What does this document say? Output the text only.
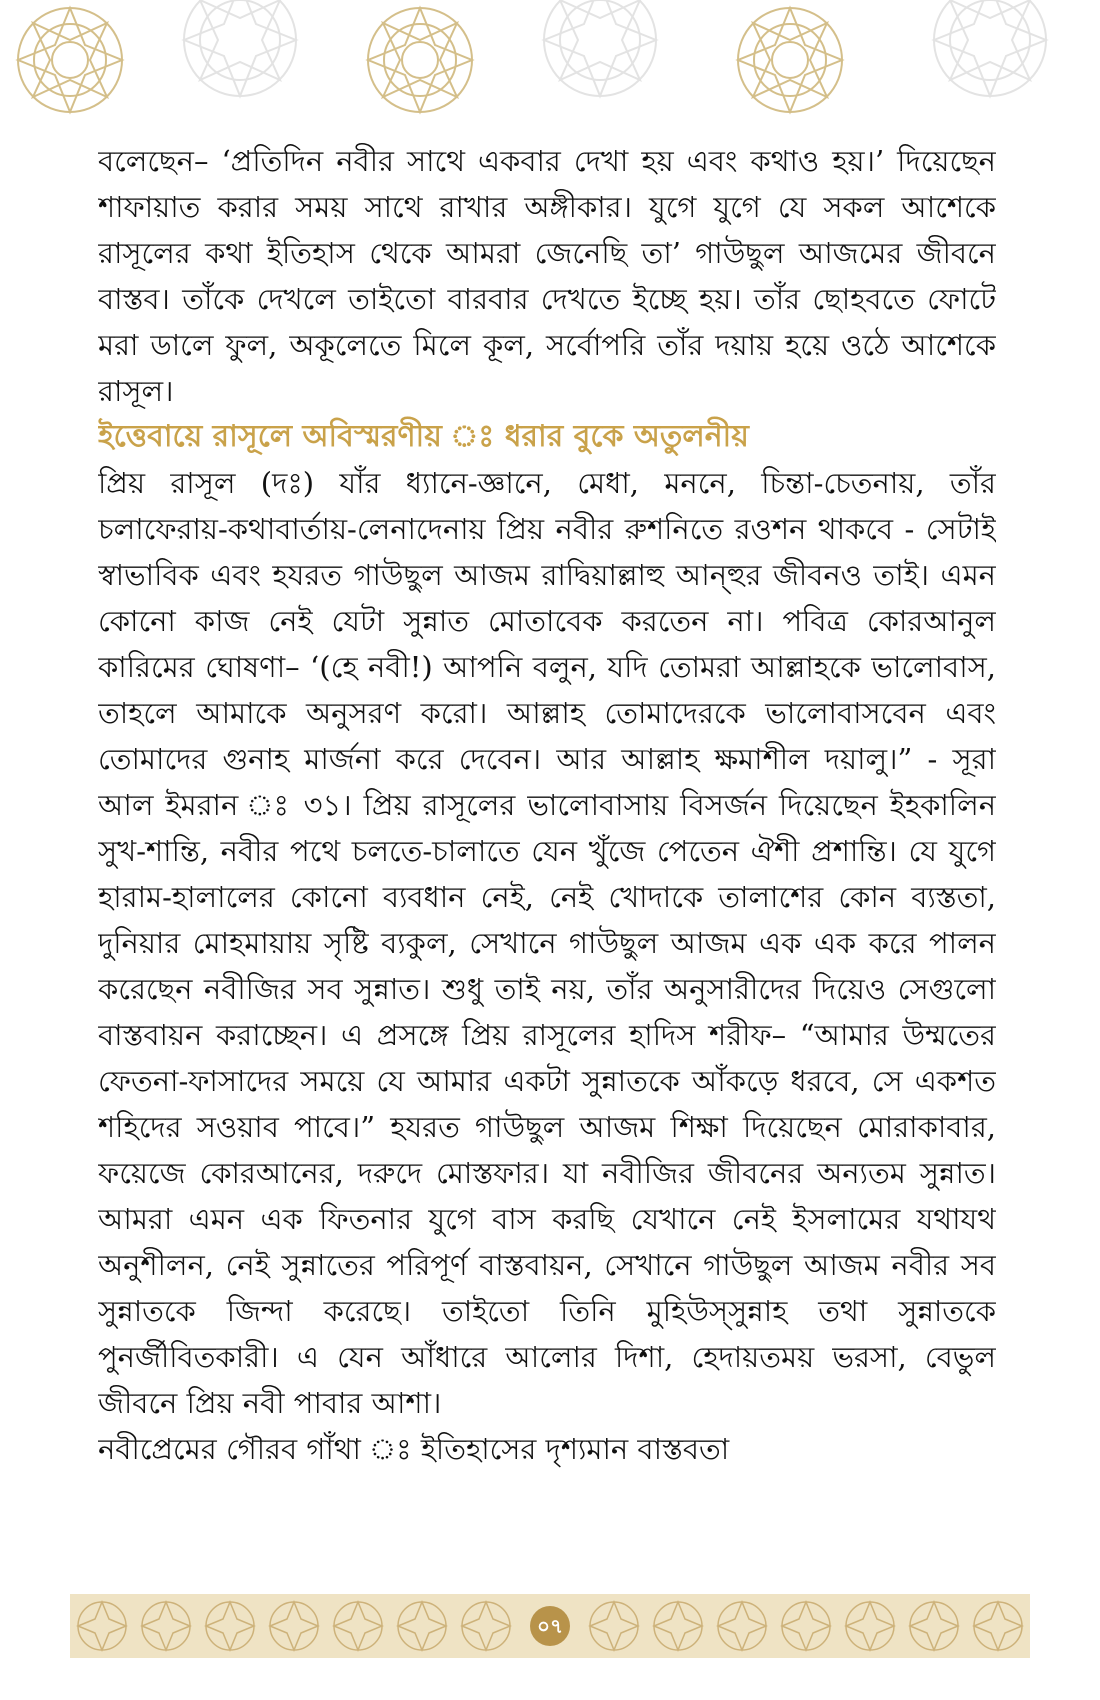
বলেছেন– ‘প্রতিদিন নবীর সাথে একবার দেখা হয় এবং কথাও হয়।’ দিয়েছেন শাফায়াত করার সময় সাথে রাখার অঙ্গীকার। যুগে যুগে যে সকল আশেকে রাসূলের কথা ইতিহাস থেকে আমরা জেনেছি তা’ গাউছুল আজমের জীবনে বাস্তব। তাঁকে দেখলে তাইতো বারবার দেখতে ইচ্ছে হয়। তাঁর ছোহবতে ফোটে মরা ডালে ফুল, অকূলেতে মিলে কূল, সর্বোপরি তাঁর দয়ায় হয়ে ওঠে আশেকে রাসূল।

ইত্তেবায়ে রাসূলে অবিস্মরণীয় ঃ ধরার বুকে অতুলনীয়

প্রিয় রাসূল (দঃ) যাঁর ধ্যানে-জ্ঞানে, মেধা, মননে, চিন্তা-চেতনায়, তাঁর চলাফেরায়-কথাবার্তায়-লেনাদেনায় প্রিয় নবীর রুশনিতে রওশন থাকবে - সেটাই স্বাভাবিক এবং হযরত গাউছুল আজম রাদ্বিয়াল্লাহু আন্হুর জীবনও তাই। এমন কোনো কাজ নেই যেটা সুন্নাত মোতাবেক করতেন না। পবিত্র কোরআনুল কারিমের ঘোষণা– ‘(হে নবী!) আপনি বলুন, যদি তোমরা আল্লাহকে ভালোবাস, তাহলে আমাকে অনুসরণ করো। আল্লাহ তোমাদেরকে ভালোবাসবেন এবং তোমাদের গুনাহ মার্জনা করে দেবেন। আর আল্লাহ ক্ষমাশীল দয়ালু।” - সূরা আল ইমরান ঃ ৩১। প্রিয় রাসূলের ভালোবাসায় বিসর্জন দিয়েছেন ইহকালিন সুখ-শান্তি, নবীর পথে চলতে-চালাতে যেন খুঁজে পেতেন ঐশী প্রশান্তি। যে যুগে হারাম-হালালের কোনো ব্যবধান নেই, নেই খোদাকে তালাশের কোন ব্যস্ততা, দুনিয়ার মোহমায়ায় সৃষ্টি ব্যকুল, সেখানে গাউছুল আজম এক এক করে পালন করেছেন নবীজির সব সুন্নাত। শুধু তাই নয়, তাঁর অনুসারীদের দিয়েও সেগুলো বাস্তবায়ন করাচ্ছেন। এ প্রসঙ্গে প্রিয় রাসূলের হাদিস শরীফ– “আমার উম্মতের ফেতনা-ফাসাদের সময়ে যে আমার একটা সুন্নাতকে আঁকড়ে ধরবে, সে একশত শহিদের সওয়াব পাবে।” হযরত গাউছুল আজম শিক্ষা দিয়েছেন মোরাকাবার, ফয়েজে কোরআনের, দরুদে মোস্তফার। যা নবীজির জীবনের অন্যতম সুন্নাত। আমরা এমন এক ফিতনার যুগে বাস করছি যেখানে নেই ইসলামের যথাযথ অনুশীলন, নেই সুন্নাতের পরিপূর্ণ বাস্তবায়ন, সেখানে গাউছুল আজম নবীর সব সুন্নাতকে জিন্দা করেছে। তাইতো তিনি মুহিউস্‌সুন্নাহ তথা সুন্নাতকে পুনর্জীবিতকারী। এ যেন আঁধারে আলোর দিশা, হেদায়তময় ভরসা, বেভুল জীবনে প্রিয় নবী পাবার আশা।

নবীপ্রেমের গৌরব গাঁথা ঃ ইতিহাসের দৃশ্যমান বাস্তবতা

০৭
